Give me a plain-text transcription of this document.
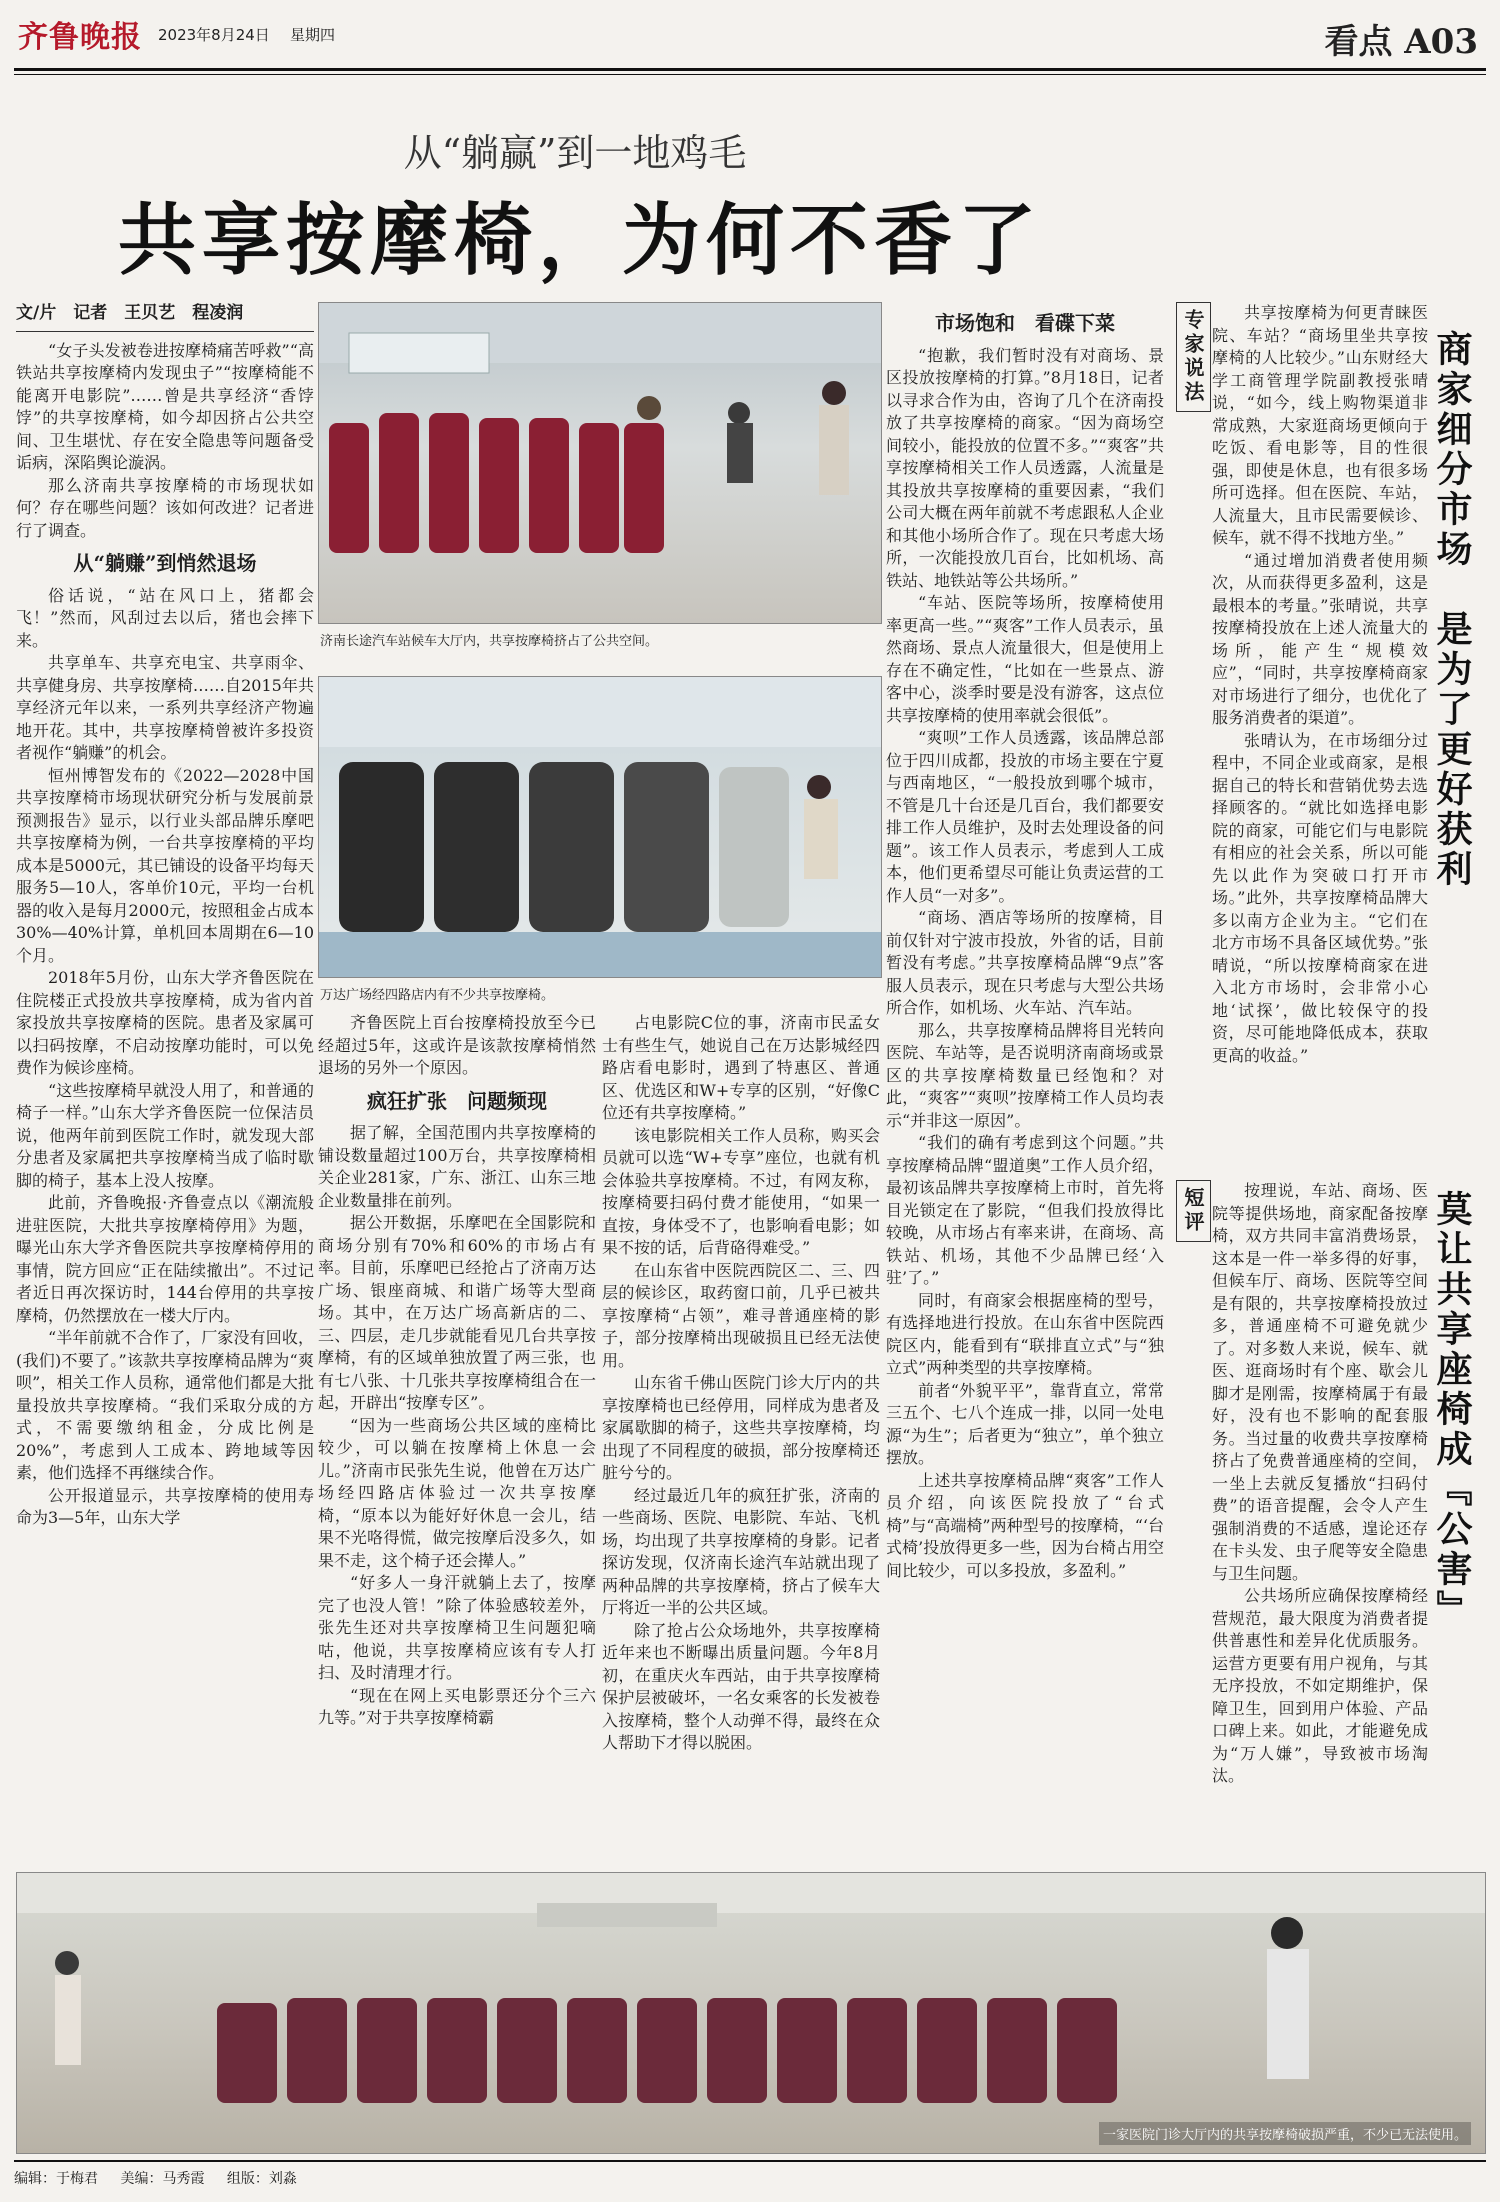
齐鲁晚报 2023年8月24日 星期四	看点 A03
从“躺赢”到一地鸡毛
共享按摩椅，为何不香了
文/片　记者　王贝艺　程凌润

“女子头发被卷进按摩椅痛苦呼救”“高铁站共享按摩椅内发现虫子”“按摩椅能不能离开电影院”……曾是共享经济“香饽饽”的共享按摩椅，如今却因挤占公共空间、卫生堪忧、存在安全隐患等问题备受诟病，深陷舆论漩涡。

那么济南共享按摩椅的市场现状如何？存在哪些问题？该如何改进？记者进行了调查。

从“躺赚”到悄然退场

俗话说，“站在风口上，猪都会飞！”然而，风刮过去以后，猪也会摔下来。

共享单车、共享充电宝、共享雨伞、共享健身房、共享按摩椅……自2015年共享经济元年以来，一系列共享经济产物遍地开花。其中，共享按摩椅曾被许多投资者视作“躺赚”的机会。

恒州博智发布的《2022—2028中国共享按摩椅市场现状研究分析与发展前景预测报告》显示，以行业头部品牌乐摩吧共享按摩椅为例，一台共享按摩椅的平均成本是5000元，其已铺设的设备平均每天服务5—10人，客单价10元，平均一台机器的收入是每月2000元，按照租金占成本30%—40%计算，单机回本周期在6—10个月。

2018年5月份，山东大学齐鲁医院在住院楼正式投放共享按摩椅，成为省内首家投放共享按摩椅的医院。患者及家属可以扫码按摩，不启动按摩功能时，可以免费作为候诊座椅。

“这些按摩椅早就没人用了，和普通的椅子一样。”山东大学齐鲁医院一位保洁员说，他两年前到医院工作时，就发现大部分患者及家属把共享按摩椅当成了临时歇脚的椅子，基本上没人按摩。

此前，齐鲁晚报·齐鲁壹点以《潮流般进驻医院，大批共享按摩椅停用》为题，曝光山东大学齐鲁医院共享按摩椅停用的事情，院方回应“正在陆续撤出”。不过记者近日再次探访时，144台停用的共享按摩椅，仍然摆放在一楼大厅内。

“半年前就不合作了，厂家没有回收，(我们)不要了。”该款共享按摩椅品牌为“爽呗”，相关工作人员称，通常他们都是大批量投放共享按摩椅。“我们采取分成的方式，不需要缴纳租金，分成比例是20%”，考虑到人工成本、跨地域等因素，他们选择不再继续合作。

公开报道显示，共享按摩椅的使用寿命为3—5年，山东大学

济南长途汽车站候车大厅内，共享按摩椅挤占了公共空间。
万达广场经四路店内有不少共享按摩椅。

齐鲁医院上百台按摩椅投放至今已经超过5年，这或许是该款按摩椅悄然退场的另外一个原因。

疯狂扩张　问题频现

据了解，全国范围内共享按摩椅的铺设数量超过100万台，共享按摩椅相关企业281家，广东、浙江、山东三地企业数量排在前列。

据公开数据，乐摩吧在全国影院和商场分别有70%和60%的市场占有率。目前，乐摩吧已经抢占了济南万达广场、银座商城、和谐广场等大型商场。其中，在万达广场高新店的二、三、四层，走几步就能看见几台共享按摩椅，有的区域单独放置了两三张，也有七八张、十几张共享按摩椅组合在一起，开辟出“按摩专区”。

“因为一些商场公共区域的座椅比较少，可以躺在按摩椅上休息一会儿。”济南市民张先生说，他曾在万达广场经四路店体验过一次共享按摩椅，“原本以为能好好休息一会儿，结果不光咯得慌，做完按摩后没多久，如果不走，这个椅子还会撵人。”

“好多人一身汗就躺上去了，按摩完了也没人管！”除了体验感较差外，张先生还对共享按摩椅卫生问题犯嘀咕，他说，共享按摩椅应该有专人打扫、及时清理才行。

“现在在网上买电影票还分个三六九等。”对于共享按摩椅霸

占电影院C位的事，济南市民孟女士有些生气，她说自己在万达影城经四路店看电影时，遇到了特惠区、普通区、优选区和W+专享的区别，“好像C位还有共享按摩椅。”

该电影院相关工作人员称，购买会员就可以选“W+专享”座位，也就有机会体验共享按摩椅。不过，有网友称，按摩椅要扫码付费才能使用，“如果一直按，身体受不了，也影响看电影；如果不按的话，后背硌得难受。”

在山东省中医院西院区二、三、四层的候诊区，取药窗口前，几乎已被共享按摩椅“占领”，难寻普通座椅的影子，部分按摩椅出现破损且已经无法使用。

山东省千佛山医院门诊大厅内的共享按摩椅也已经停用，同样成为患者及家属歇脚的椅子，这些共享按摩椅，均出现了不同程度的破损，部分按摩椅还脏兮兮的。

经过最近几年的疯狂扩张，济南的一些商场、医院、电影院、车站、飞机场，均出现了共享按摩椅的身影。记者探访发现，仅济南长途汽车站就出现了两种品牌的共享按摩椅，挤占了候车大厅将近一半的公共区域。

除了抢占公众场地外，共享按摩椅近年来也不断曝出质量问题。今年8月初，在重庆火车西站，由于共享按摩椅保护层被破坏，一名女乘客的长发被卷入按摩椅，整个人动弹不得，最终在众人帮助下才得以脱困。

市场饱和　看碟下菜

“抱歉，我们暂时没有对商场、景区投放按摩椅的打算。”8月18日，记者以寻求合作为由，咨询了几个在济南投放了共享按摩椅的商家。“因为商场空间较小，能投放的位置不多。”“爽客”共享按摩椅相关工作人员透露，人流量是其投放共享按摩椅的重要因素，“我们公司大概在两年前就不考虑跟私人企业和其他小场所合作了。现在只考虑大场所，一次能投放几百台，比如机场、高铁站、地铁站等公共场所。”

“车站、医院等场所，按摩椅使用率更高一些。”“爽客”工作人员表示，虽然商场、景点人流量很大，但是使用上存在不确定性，“比如在一些景点、游客中心，淡季时要是没有游客，这点位共享按摩椅的使用率就会很低”。

“爽呗”工作人员透露，该品牌总部位于四川成都，投放的市场主要在宁夏与西南地区，“一般投放到哪个城市，不管是几十台还是几百台，我们都要安排工作人员维护，及时去处理设备的问题”。该工作人员表示，考虑到人工成本，他们更希望尽可能让负责运营的工作人员“一对多”。

“商场、酒店等场所的按摩椅，目前仅针对宁波市投放，外省的话，目前暂没有考虑。”共享按摩椅品牌“9点”客服人员表示，现在只考虑与大型公共场所合作，如机场、火车站、汽车站。

那么，共享按摩椅品牌将目光转向医院、车站等，是否说明济南商场或景区的共享按摩椅数量已经饱和？对此，“爽客”“爽呗”按摩椅工作人员均表示“并非这一原因”。

“我们的确有考虑到这个问题。”共享按摩椅品牌“盟道奥”工作人员介绍，最初该品牌共享按摩椅上市时，首先将目光锁定在了影院，“但我们投放得比较晚，从市场占有率来讲，在商场、高铁站、机场，其他不少品牌已经‘入驻’了。”

同时，有商家会根据座椅的型号，有选择地进行投放。在山东省中医院西院区内，能看到有“联排直立式”与“独立式”两种类型的共享按摩椅。

前者“外貌平平”，靠背直立，常常三五个、七八个连成一排，以同一处电源“为生”；后者更为“独立”，单个独立摆放。

上述共享按摩椅品牌“爽客”工作人员介绍，向该医院投放了“台式椅”与“高端椅”两种型号的按摩椅，“‘台式椅’投放得更多一些，因为台椅占用空间比较少，可以多投放，多盈利。”

专家说法	共享按摩椅为何更青睐医院、车站？“商场里坐共享按摩椅的人比较少。”山东财经大学工商管理学院副教授张晴说，“如今，线上购物渠道非常成熟，大家逛商场更倾向于吃饭、看电影等，目的性很强，即使是休息，也有很多场所可选择。但在医院、车站，人流量大，且市民需要候诊、候车，就不得不找地方坐。”

“通过增加消费者使用频次，从而获得更多盈利，这是最根本的考量。”张晴说，共享按摩椅投放在上述人流量大的场所，能产生“规模效应”，“同时，共享按摩椅商家对市场进行了细分，也优化了服务消费者的渠道”。

张晴认为，在市场细分过程中，不同企业或商家，是根据自己的特长和营销优势去选择顾客的。“就比如选择电影院的商家，可能它们与电影院有相应的社会关系，所以可能先以此作为突破口打开市场。”此外，共享按摩椅品牌大多以南方企业为主。“它们在北方市场不具备区域优势。”张晴说，“所以按摩椅商家在进入北方市场时，会非常小心地‘试探’，做比较保守的投资，尽可能地降低成本，获取更高的收益。”

商家细分市场　是为了更好获利
短评	按理说，车站、商场、医院等提供场地，商家配备按摩椅，双方共同丰富消费场景，这本是一件一举多得的好事，但候车厅、商场、医院等空间是有限的，共享按摩椅投放过多，普通座椅不可避免就少了。对多数人来说，候车、就医、逛商场时有个座、歇会儿脚才是刚需，按摩椅属于有最好，没有也不影响的配套服务。当过量的收费共享按摩椅挤占了免费普通座椅的空间，一坐上去就反复播放“扫码付费”的语音提醒，会令人产生强制消费的不适感，遑论还存在卡头发、虫子爬等安全隐患与卫生问题。

公共场所应确保按摩椅经营规范，最大限度为消费者提供普惠性和差异化优质服务。运营方更要有用户视角，与其无序投放，不如定期维护，保障卫生，回到用户体验、产品口碑上来。如此，才能避免成为“万人嫌”，导致被市场淘汰。

莫让共享座椅成『公害』
一家医院门诊大厅内的共享按摩椅破损严重，不少已无法使用。
编辑：于梅君 美编：马秀霞 组版：刘淼
